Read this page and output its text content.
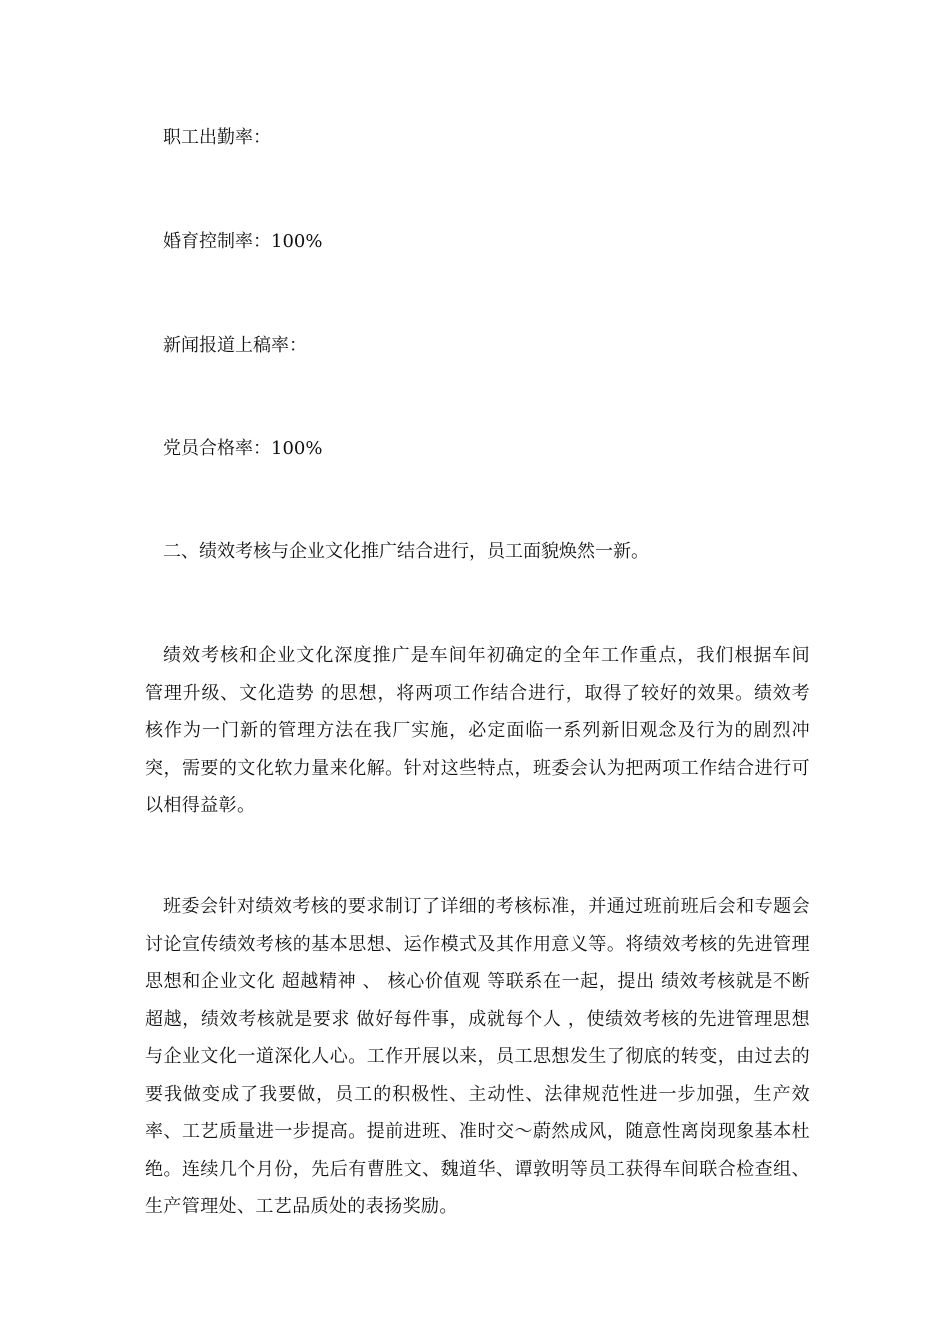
职工出勤率：
婚育控制率：100%
新闻报道上稿率：
党员合格率：100%
二、绩效考核与企业文化推广结合进行，员工面貌焕然一新。
绩效考核和企业文化深度推广是车间年初确定的全年工作重点，我们根据车间 管理升级、文化造势 的思想，将两项工作结合进行，取得了较好的效果。绩效考核作为一门新的管理方法在我厂实施，必定面临一系列新旧观念及行为的剧烈冲突，需要的文化软力量来化解。针对这些特点，班委会认为把两项工作结合进行可以相得益彰。
班委会针对绩效考核的要求制订了详细的考核标准，并通过班前班后会和专题会讨论宣传绩效考核的基本思想、运作模式及其作用意义等。将绩效考核的先进管理思想和企业文化 超越精神 、 核心价值观 等联系在一起，提出 绩效考核就是不断超越，绩效考核就是要求 做好每件事，成就每个人 ，使绩效考核的先进管理思想与企业文化一道深化人心。工作开展以来，员工思想发生了彻底的转变，由过去的要我做变成了我要做，员工的积极性、主动性、法律规范性进一步加强，生产效率、工艺质量进一步提高。提前进班、准时交～蔚然成风，随意性离岗现象基本杜绝。连续几个月份，先后有曹胜文、魏道华、谭敦明等员工获得车间联合检查组、生产管理处、工艺品质处的表扬奖励。
